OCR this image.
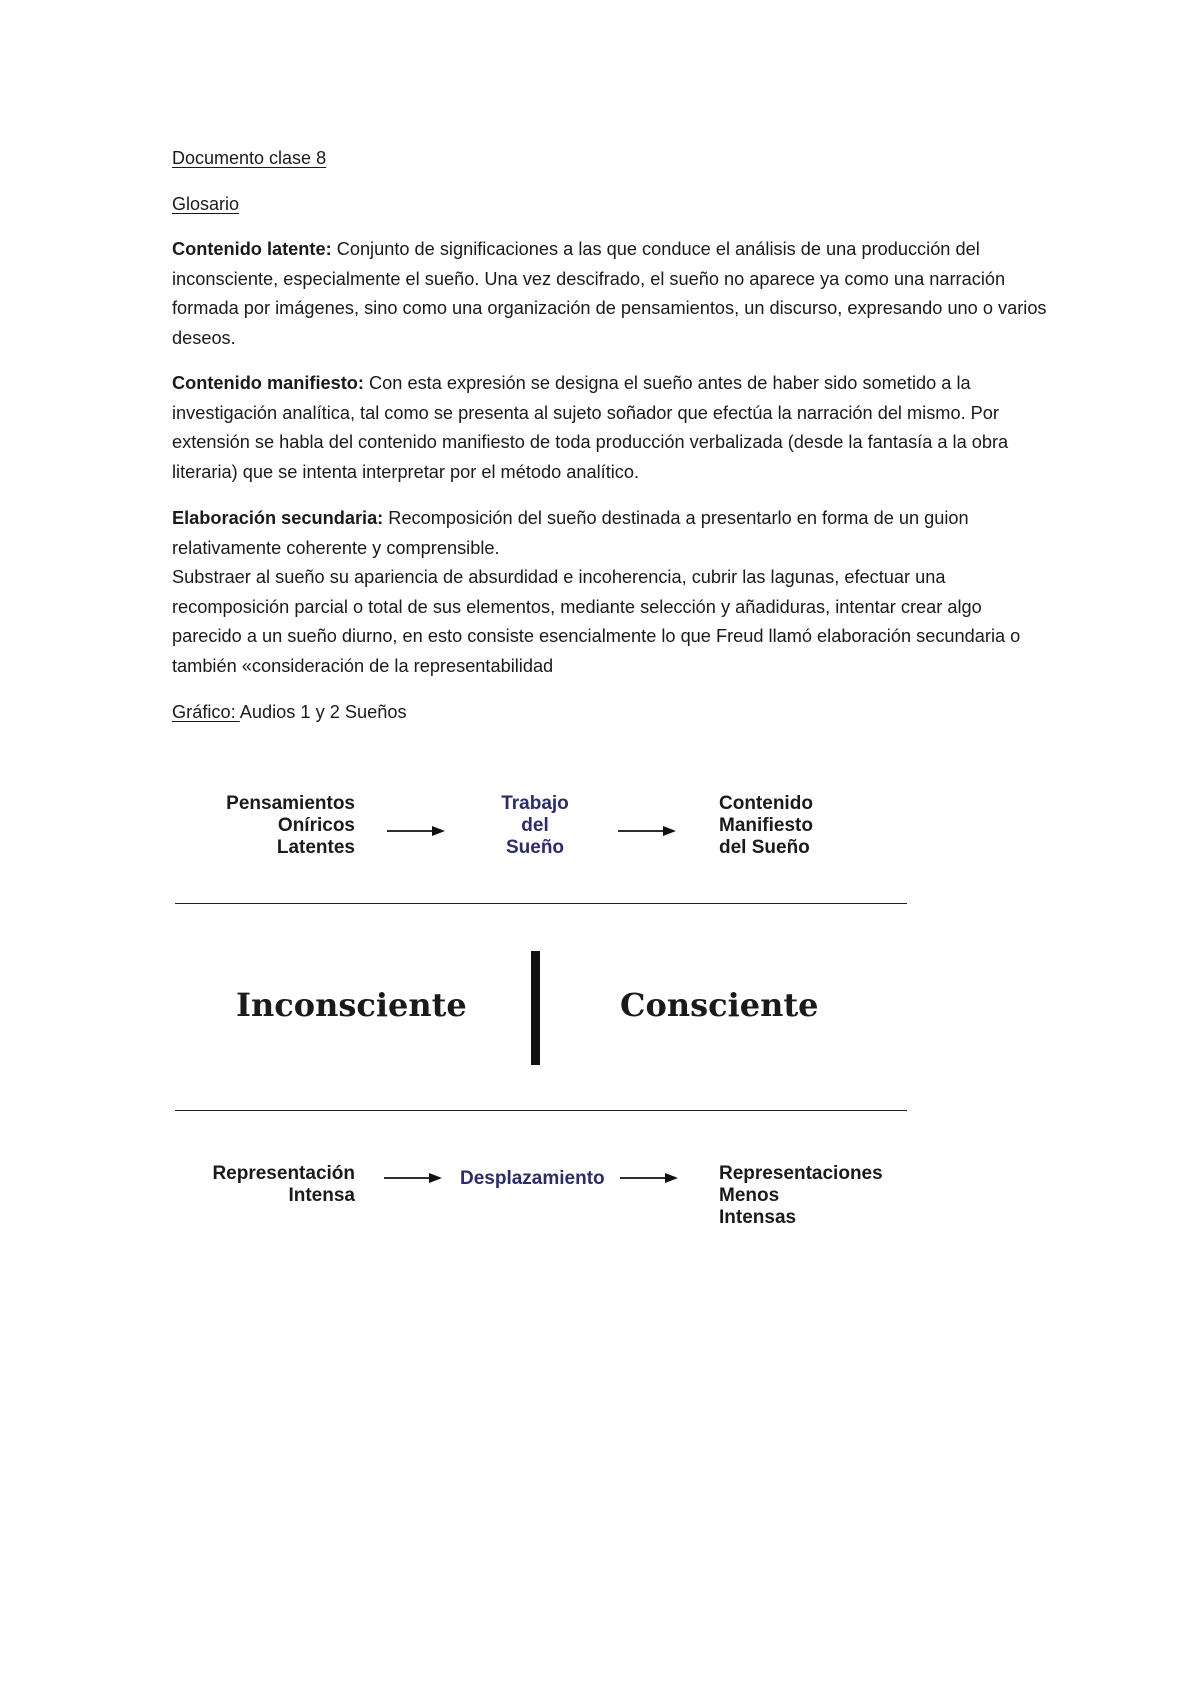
Documento clase 8
Glosario

Contenido latente: Conjunto de significaciones a las que conduce el análisis de una producción del inconsciente, especialmente el sueño. Una vez descifrado, el sueño no aparece ya como una narración formada por imágenes, sino como una organización de pensamientos, un discurso, expresando uno o varios deseos.

Contenido manifiesto: Con esta expresión se designa el sueño antes de haber sido sometido a la investigación analítica, tal como se presenta al sujeto soñador que efectúa la narración del mismo. Por extensión se habla del contenido manifiesto de toda producción verbalizada (desde la fantasía a la obra literaria) que se intenta interpretar por el método analítico.

Elaboración secundaria: Recomposición del sueño destinada a presentarlo en forma de un guion relativamente coherente y comprensible.
Substraer al sueño su apariencia de absurdidad e incoherencia, cubrir las lagunas, efectuar una recomposición parcial o total de sus elementos, mediante selección y añadiduras, intentar crear algo parecido a un sueño diurno, en esto consiste esencialmente lo que Freud llamó elaboración secundaria o también «consideración de la representabilidad

Gráfico: Audios 1 y 2 Sueños

Pensamientos
Oníricos
Latentes
Trabajo
del
Sueño
Contenido
Manifiesto
del Sueño
Inconsciente	Consciente
Representación
Intensa
Desplazamiento	Representaciones
Menos
Intensas
